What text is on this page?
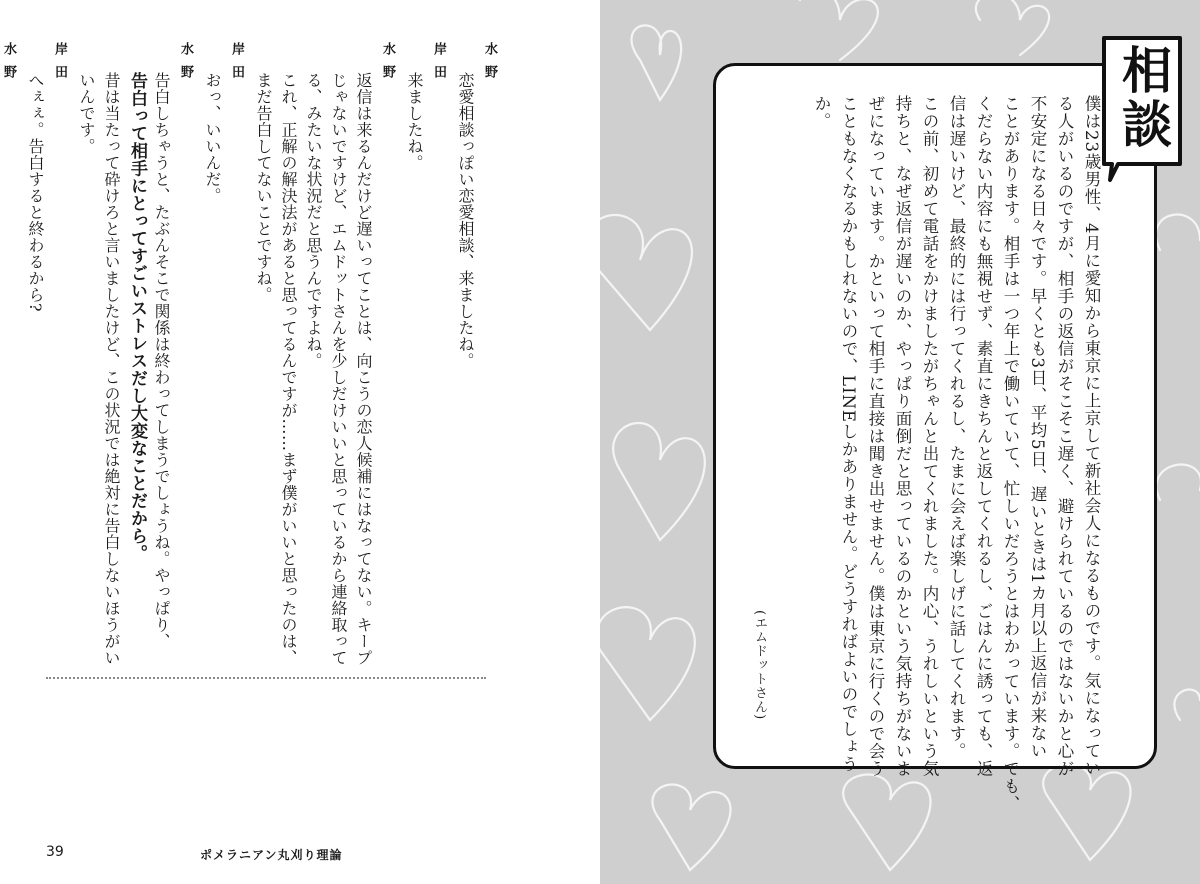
水野
恋愛相談っぽい恋愛相談、来ましたね。
岸田
来ましたね。
水野
返信は来るんだけど遅いってことは、向こうの恋人候補にはなってない。キープ
じゃないですけど、エムドットさんを少しだけいいと思っているから連絡取って
る、みたいな状況だと思うんですよね。
これ、正解の解決法があると思ってるんですが……まず僕がいいと思ったのは、
まだ告白してないことですね。
岸田
おっ、いいんだ。
水野
告白しちゃうと、たぶんそこで関係は終わってしまうでしょうね。やっぱり、
告白って相手にとってすごいストレスだし大変なことだから。
昔は当たって砕けろと言いましたけど、この状況では絶対に告白しないほうがい
いんです。
岸田
へぇぇ。告白すると終わるから?
水野
39	ポメラニアン丸刈り理論
相談
僕は23歳男性、4月に愛知から東京に上京して新社会人になるものです。気になってい
る人がいるのですが、相手の返信がそこそこ遅く、避けられているのではないかと心が
不安定になる日々です。早くとも3日、平均5日、遅いときは1カ月以上返信が来ない
ことがあります。相手は一つ年上で働いていて、忙しいだろうとはわかっています。でも、
くだらない内容にも無視せず、素直にきちんと返してくれるし、ごはんに誘っても、返
信は遅いけど、最終的には行ってくれるし、たまに会えば楽しげに話してくれます。
この前、初めて電話をかけましたがちゃんと出てくれました。内心、うれしいという気
持ちと、なぜ返信が遅いのか、やっぱり面倒だと思っているのかという気持ちがないま
ぜになっています。かといって相手に直接は聞き出せません。僕は東京に行くので会う
こともなくなるかもしれないので、LINEしかありません。どうすればよいのでしょう
か。
(エムドットさん)
